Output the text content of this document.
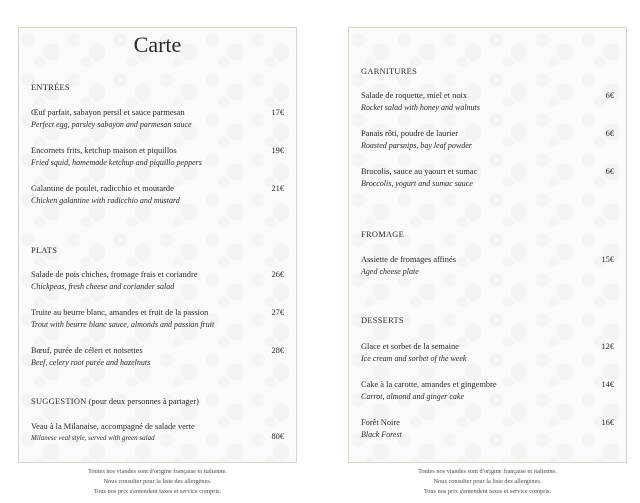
Carte
ENTRÉES
Œuf parfait, sabayon persil et sauce parmesan
Perfect egg, parsley sabayon and parmesan sauce
17€
Encornets frits, ketchup maison et piquillos
Fried squid, homemade ketchup and piquillo peppers
19€
Galantine de poulet, radicchio et moutarde
Chicken galantine with radicchio and mustard
21€
PLATS
Salade de pois chiches, fromage frais et coriandre
Chickpeas, fresh cheese and coriander salad
26€
Truite au beurre blanc, amandes et fruit de la passion
Trout with beurre blanc sauce, almonds and passion fruit
27€
Bœuf, purée de céleri et noisettes
Beef, celery root purée and hazelnuts
28€
SUGGESTION (pour deux personnes à partager)
Veau à la Milanaise, accompagné de salade verte
Milanese veal style, served with green salad	80€
GARNITURES
Salade de roquette, miel et noix
Rocket salad with honey and walnuts
6€
Panais rôti, poudre de laurier
Roasted parsnips, bay leaf powder
6€
Brocolis, sauce au yaourt et sumac
Broccolis, yogurt and sumac sauce
6€
FROMAGE
Assiette de fromages affinés
Aged cheese plate
15€
DESSERTS
Glace et sorbet de la semaine
Ice cream and sorbet of the week
12€
Cake à la carotte, amandes et gingembre
Carrot, almond and ginger cake
14€
Forêt Noire
Black Forest
16€
Toutes nos viandes sont d'origine française et italienne.
Nous consulter pour la liste des allergènes.
Tous nos prix s'entendent taxes et service compris.
Toutes nos viandes sont d'origine française et italienne.
Nous consulter pour la liste des allergènes.
Tous nos prix s'entendent taxes et service compris.
